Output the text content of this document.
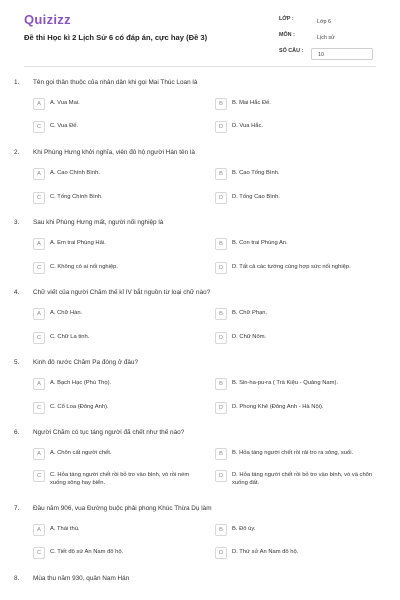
Quizizz
Đề thi Học kì 2 Lịch Sử 6 có đáp án, cực hay (Đề 3)
LỚP :	Lớp 6
MÔN :	Lịch sử
SỐ CÂU :
10
1. Tên gọi thân thuộc của nhân dân khi gọi Mai Thúc Loan là
A	A. Vua Mai.	B	B. Mai Hắc Đế.
C	C. Vua Đế.	D	D. Vua Hắc.
2. Khi Phùng Hưng khởi nghĩa, viên đô hộ người Hán tên là
A	A. Cao Chính Bình.	B	B. Cao Tống Bình.
C	C. Tống Chính Bình.	D	D. Tống Cao Bình.
3. Sau khi Phùng Hưng mất, người nối nghiệp là
A	A. Em trai Phùng Hải.	B	B. Con trai Phùng An.
C	C. Không có ai nối nghiệp.	D	D. Tất cả các tướng cùng hợp sức nối nghiệp.
4. Chữ viết của người Chăm thế kỉ IV bắt nguồn từ loại chữ nào?
A	A. Chữ Hán.	B	B. Chữ Phạn.
C	C. Chữ La tinh.	D	D. Chữ Nôm.
5. Kinh đô nước Chăm Pa đóng ở đâu?
A	A. Bạch Hạc (Phú Thọ).	B	B. Sin-ha-pu-ra ( Trà Kiệu - Quảng Nam).
C	C. Cổ Loa (Đông Anh).	D	D. Phong Khê (Đông Anh - Hà Nội).
6. Người Chăm có tục táng người đã chết như thế nào?
A	A. Chôn cất người chết.	B	B. Hỏa táng người chết rồi rải tro ra sông, suối.
C	C. Hỏa táng người chết rồi bỏ tro vào bình, vò rồi ném xuống sông hay biển.
D	D. Hỏa táng người chết rồi bỏ tro vào bình, vò và chôn xuống đất.
7. Đầu năm 906, vua Đường buộc phải phong Khúc Thừa Dụ làm
A	A. Thái thú.	B	B. Đô úy.
C	C. Tiết độ sứ An Nam đô hộ.	D	D. Thứ sử An Nam đô hộ.
8. Mùa thu năm 930, quân Nam Hán
